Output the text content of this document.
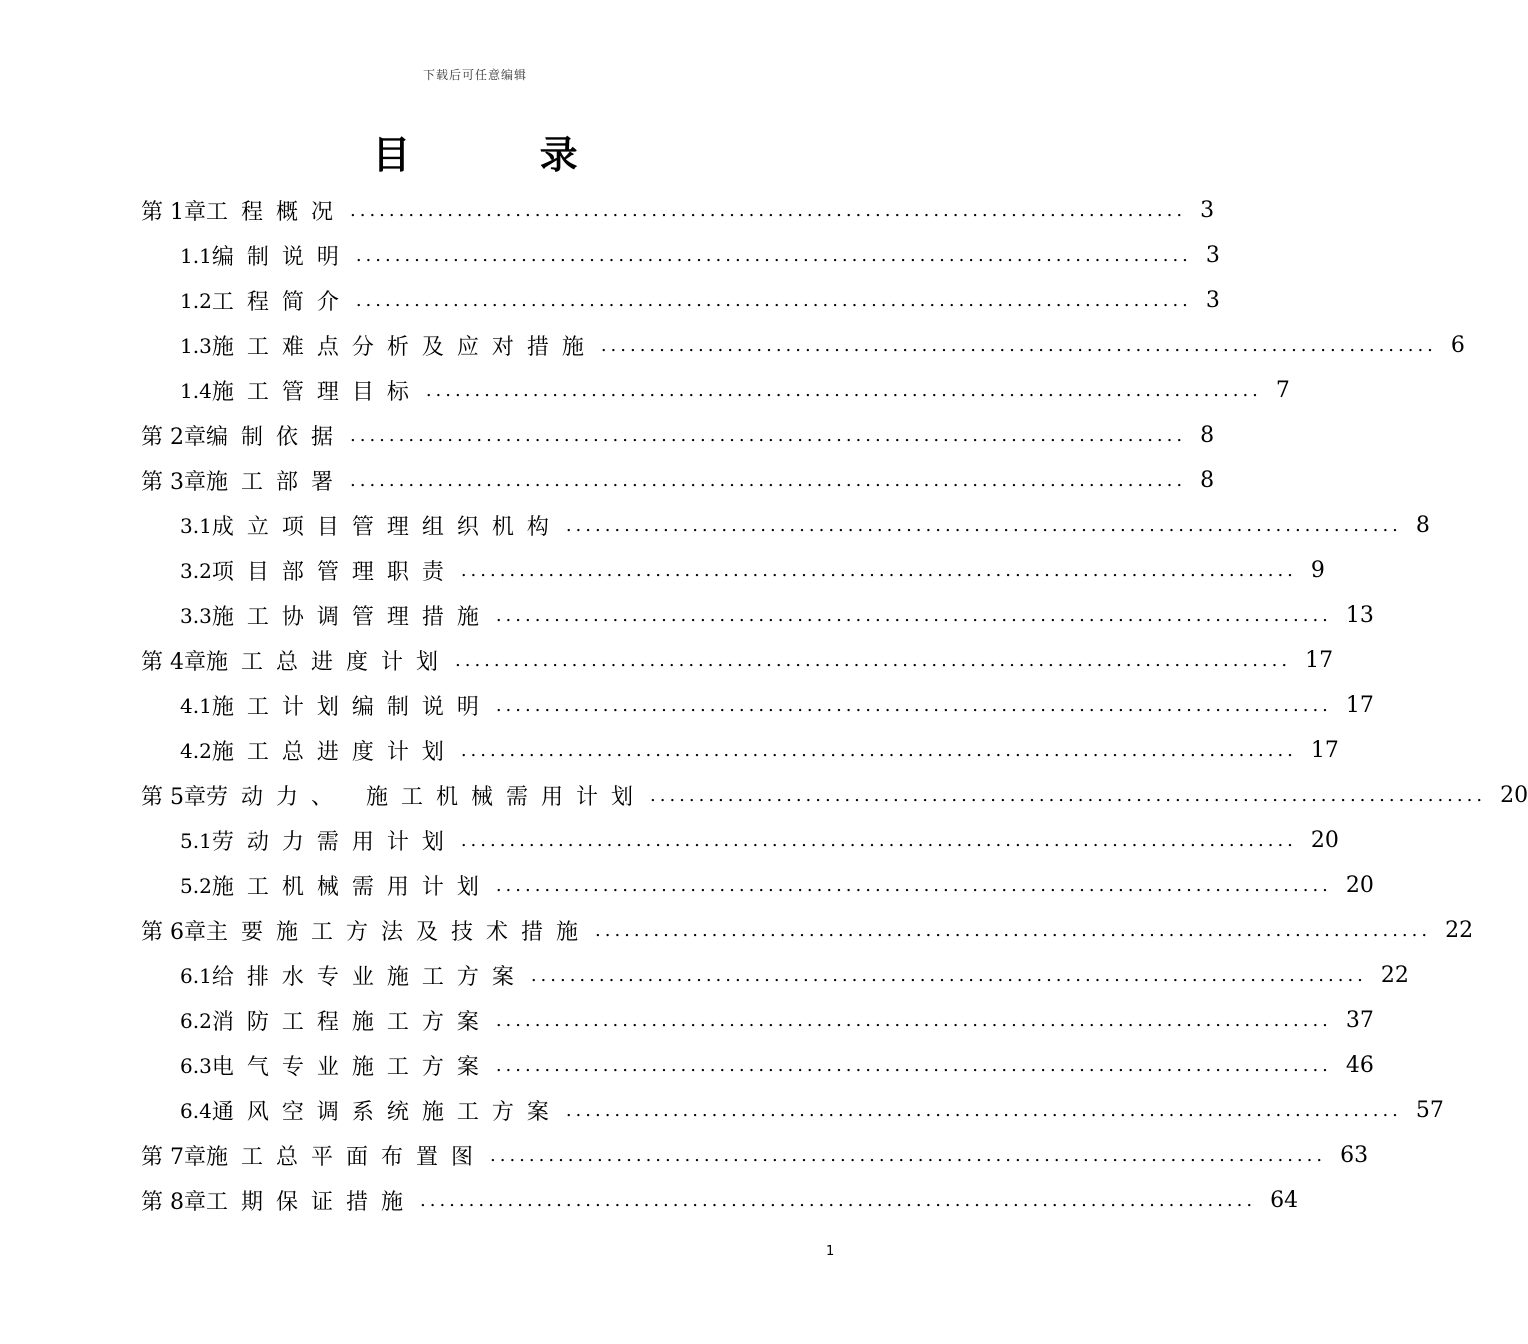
下载后可任意编辑
目 录
第 1章 工程概况 ...................................................................................... 3
1.1 编制说明 ...................................................................................... 3
1.2 工程简介 ...................................................................................... 3
1.3 施工难点分析及应对措施 ...................................................................................... 6
1.4 施工管理目标 ...................................................................................... 7
第 2章 编制依据 ...................................................................................... 8
第 3章 施工部署 ...................................................................................... 8
3.1 成立项目管理组织机构 ...................................................................................... 8
3.2 项目部管理职责 ...................................................................................... 9
3.3 施工协调管理措施 ...................................................................................... 13
第 4章 施工总进度计划 ...................................................................................... 17
4.1 施工计划编制说明 ...................................................................................... 17
4.2 施工总进度计划 ...................................................................................... 17
第 5章 劳动力、 施工机械需用计划 ...................................................................................... 20
5.1 劳动力需用计划 ...................................................................................... 20
5.2 施工机械需用计划 ...................................................................................... 20
第 6章 主要施工方法及技术措施 ...................................................................................... 22
6.1 给排水专业施工方案 ...................................................................................... 22
6.2 消防工程施工方案 ...................................................................................... 37
6.3 电气专业施工方案 ...................................................................................... 46
6.4 通风空调系统施工方案 ...................................................................................... 57
第 7章 施工总平面布置图 ...................................................................................... 63
第 8章 工期保证措施 ...................................................................................... 64
1
